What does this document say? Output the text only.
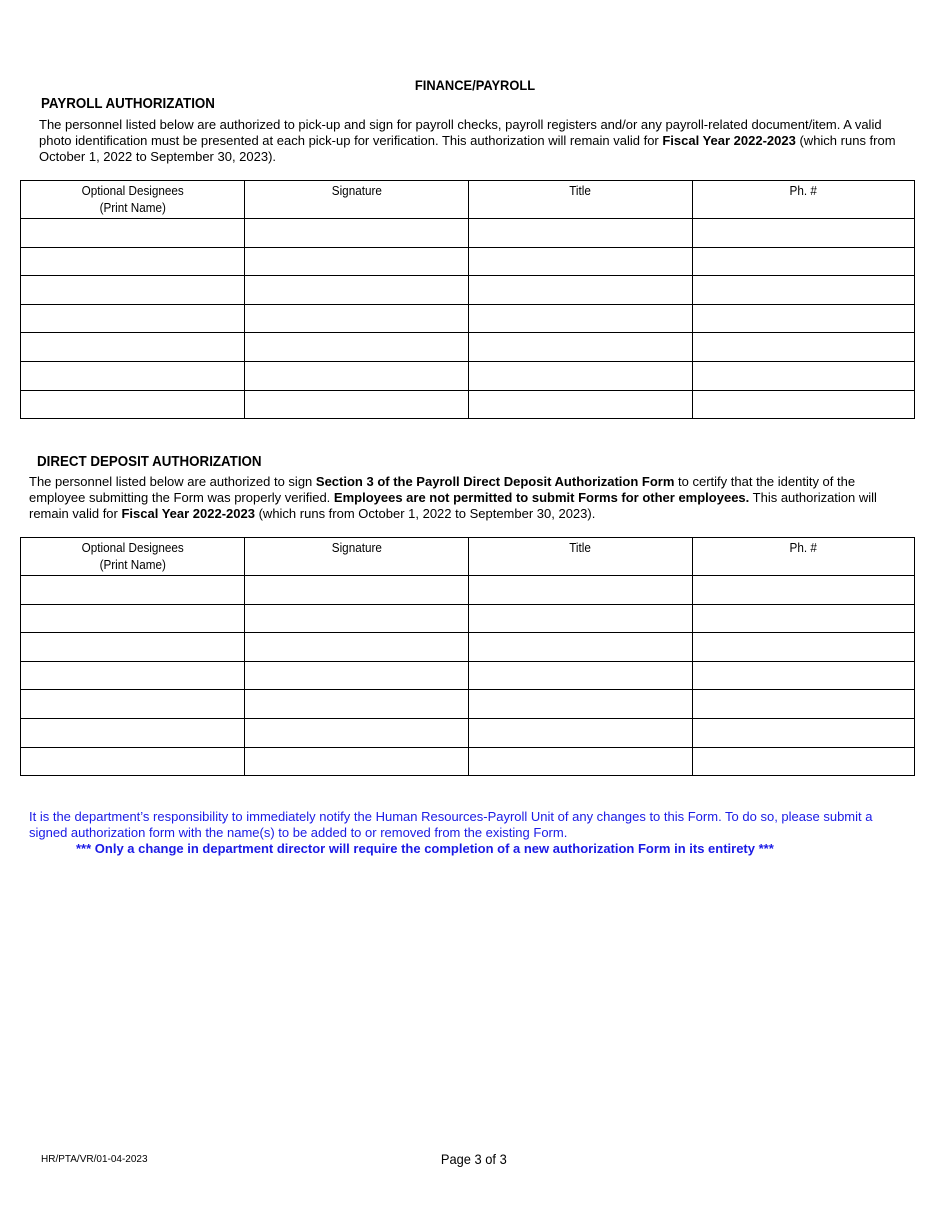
FINANCE/PAYROLL
PAYROLL AUTHORIZATION
The personnel listed below are authorized to pick-up and sign for payroll checks, payroll registers and/or any payroll-related document/item. A valid photo identification must be presented at each pick-up for verification. This authorization will remain valid for Fiscal Year 2022-2023 (which runs from October 1, 2022 to September 30, 2023).
Optional Designees
(Print Name)	Signature	Title	Ph. #

DIRECT DEPOSIT AUTHORIZATION
The personnel listed below are authorized to sign Section 3 of the Payroll Direct Deposit Authorization Form to certify that the identity of the employee submitting the Form was properly verified. Employees are not permitted to submit Forms for other employees. This authorization will remain valid for Fiscal Year 2022-2023 (which runs from October 1, 2022 to September 30, 2023).
Optional Designees
(Print Name)	Signature	Title	Ph. #

It is the department’s responsibility to immediately notify the Human Resources-Payroll Unit of any changes to this Form. To do so, please submit a signed authorization form with the name(s) to be added to or removed from the existing Form.
*** Only a change in department director will require the completion of a new authorization Form in its entirety ***
HR/PTA/VR/01-04-2023	Page 3 of 3
